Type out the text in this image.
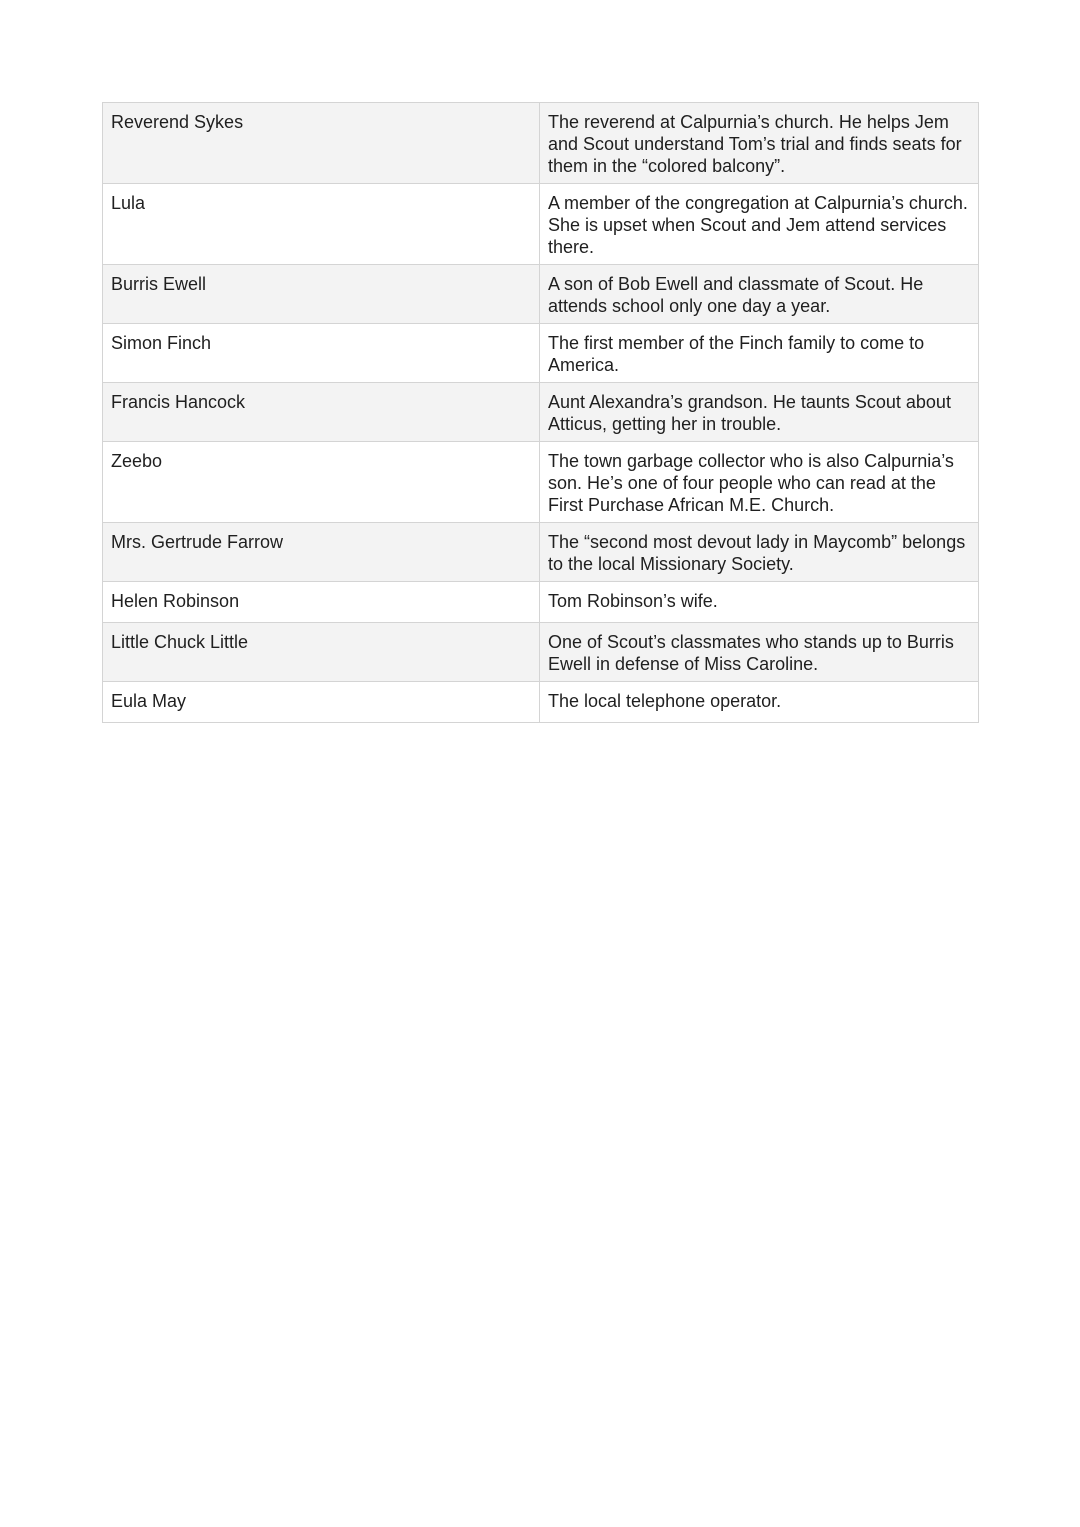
Reverend Sykes	The reverend at Calpurnia’s church. He helps Jem and Scout understand Tom’s trial and finds seats for them in the “colored balcony”.
Lula	A member of the congregation at Calpurnia’s church. She is upset when Scout and Jem attend services there.
Burris Ewell	A son of Bob Ewell and classmate of Scout. He attends school only one day a year.
Simon Finch	The first member of the Finch family to come to America.
Francis Hancock	Aunt Alexandra’s grandson. He taunts Scout about Atticus, getting her in trouble.
Zeebo	The town garbage collector who is also Calpurnia’s son. He’s one of four people who can read at the First Purchase African M.E. Church.
Mrs. Gertrude Farrow	The “second most devout lady in Maycomb” belongs to the local Missionary Society.
Helen Robinson	Tom Robinson’s wife.
Little Chuck Little	One of Scout’s classmates who stands up to Burris Ewell in defense of Miss Caroline.
Eula May	The local telephone operator.
